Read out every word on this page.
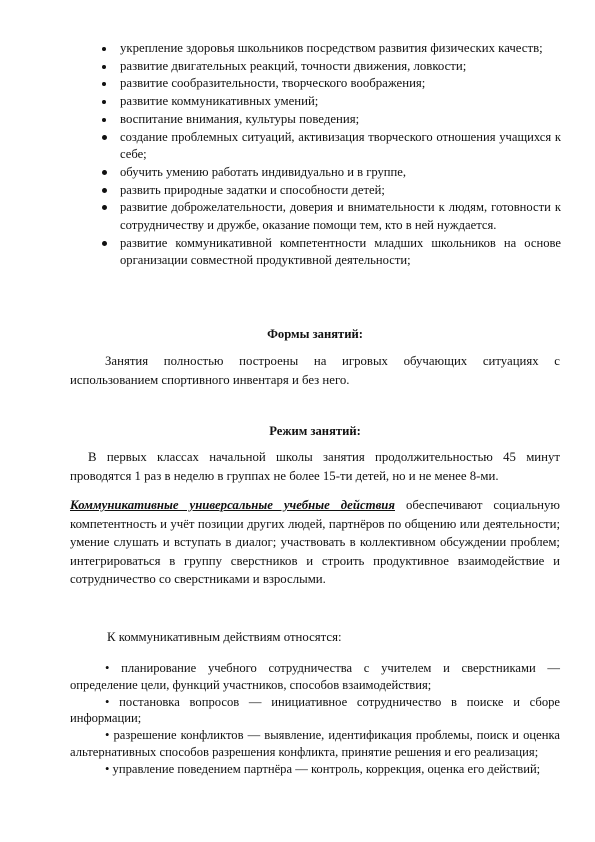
укрепление здоровья школьников посредством развития физических качеств;
развитие двигательных реакций, точности движения, ловкости;
развитие сообразительности, творческого воображения;
развитие коммуникативных умений;
воспитание внимания, культуры поведения;
создание проблемных ситуаций, активизация творческого отношения учащихся к себе;
обучить умению работать индивидуально и в группе,
развить природные задатки и способности детей;
развитие доброжелательности, доверия и внимательности к людям, готовности к сотрудничеству и дружбе, оказание помощи тем, кто в ней нуждается.
развитие коммуникативной компетентности младших школьников на основе организации совместной продуктивной деятельности;
Формы занятий:
Занятия полностью построены на игровых обучающих ситуациях с использованием спортивного инвентаря и без него.
Режим занятий:
В первых классах начальной школы занятия продолжительностью 45 минут проводятся 1 раз в неделю в группах не более 15-ти детей, но и не менее 8-ми.
Коммуникативные универсальные учебные действия обеспечивают социальную компетентность и учёт позиции других людей, партнёров по общению или деятельности; умение слушать и вступать в диалог; участвовать в коллективном обсуждении проблем; интегрироваться в группу сверстников и строить продуктивное взаимодействие и сотрудничество со сверстниками и взрослыми.
К коммуникативным действиям относятся:

• планирование учебного сотрудничества с учителем и сверстниками — определение цели, функций участников, способов взаимодействия;

• постановка вопросов — инициативное сотрудничество в поиске и сборе информации;

• разрешение конфликтов — выявление, идентификация проблемы, поиск и оценка альтернативных способов разрешения конфликта, принятие решения и его реализация;

• управление поведением партнёра — контроль, коррекция, оценка его действий;
